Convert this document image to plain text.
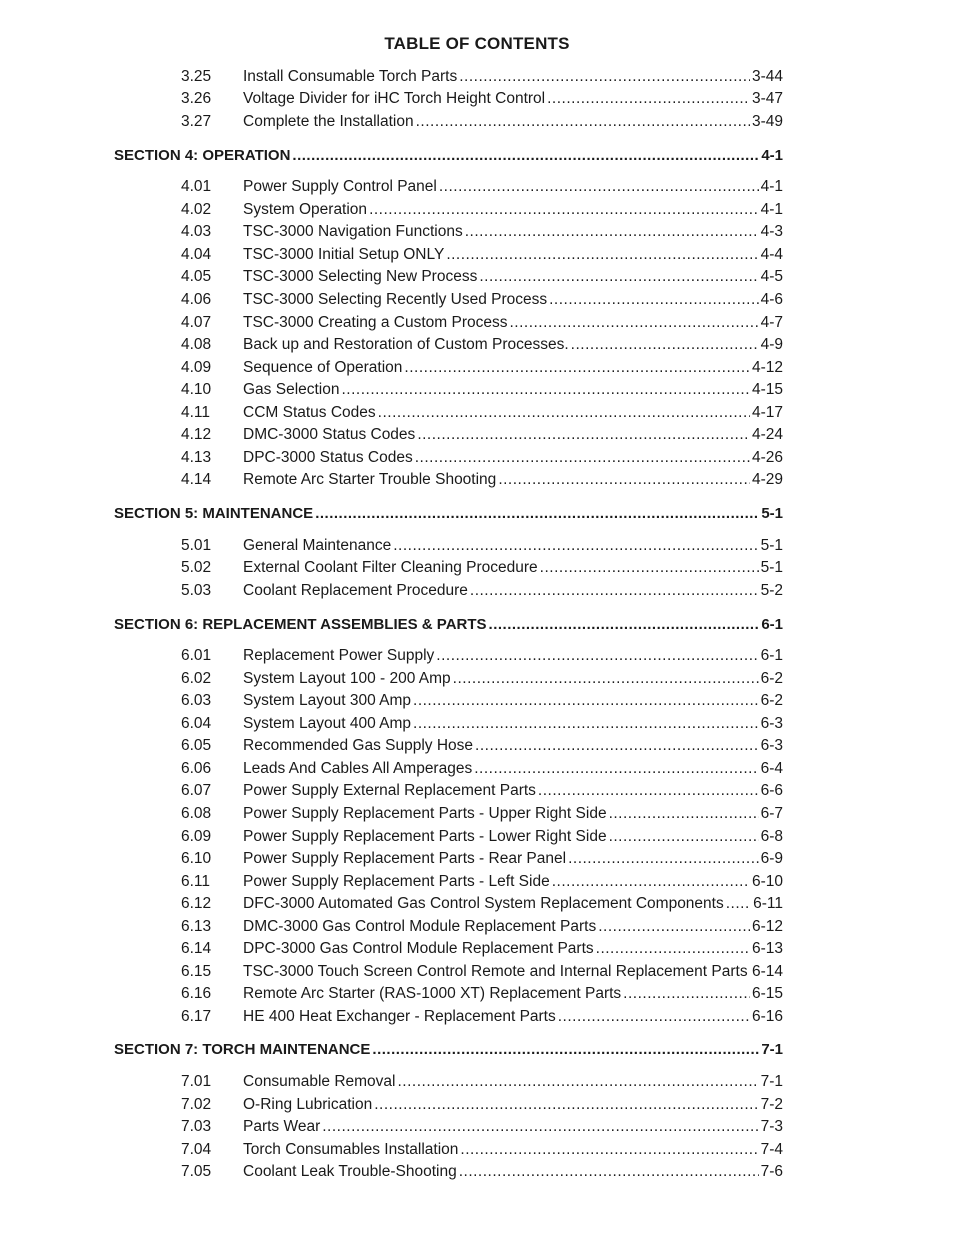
TABLE OF CONTENTS
3.25	Install Consumable Torch Parts .....	3-44
3.26	Voltage Divider for iHC Torch Height Control .....	3-47
3.27	Complete the Installation .....	3-49
SECTION 4: OPERATION .....	4-1
4.01	Power Supply Control Panel .....	4-1
4.02	System Operation .....	4-1
4.03	TSC-3000 Navigation Functions .....	4-3
4.04	TSC-3000 Initial Setup ONLY .....	4-4
4.05	TSC-3000 Selecting New Process .....	4-5
4.06	TSC-3000 Selecting Recently Used Process .....	4-6
4.07	TSC-3000 Creating a Custom Process .....	4-7
4.08	Back up and Restoration of Custom Processes. .....	4-9
4.09	Sequence of Operation .....	4-12
4.10	Gas Selection .....	4-15
4.11	CCM Status Codes .....	4-17
4.12	DMC-3000 Status Codes .....	4-24
4.13	DPC-3000 Status Codes .....	4-26
4.14	Remote Arc Starter Trouble Shooting .....	4-29
SECTION 5: MAINTENANCE .....	5-1
5.01	General Maintenance .....	5-1
5.02	External Coolant Filter Cleaning Procedure .....	5-1
5.03	Coolant Replacement Procedure .....	5-2
SECTION 6: REPLACEMENT ASSEMBLIES & PARTS .....	6-1
6.01	Replacement Power Supply .....	6-1
6.02	System Layout 100 - 200 Amp .....	6-2
6.03	System Layout 300 Amp .....	6-2
6.04	System Layout 400 Amp .....	6-3
6.05	Recommended Gas Supply Hose .....	6-3
6.06	Leads And Cables All Amperages .....	6-4
6.07	Power Supply External Replacement Parts .....	6-6
6.08	Power Supply Replacement Parts - Upper Right Side .....	6-7
6.09	Power Supply Replacement Parts - Lower Right Side .....	6-8
6.10	Power Supply Replacement Parts - Rear Panel .....	6-9
6.11	Power Supply Replacement Parts - Left Side .....	6-10
6.12	DFC-3000 Automated Gas Control System Replacement Components ..... 6-11
6.13	DMC-3000 Gas Control Module Replacement Parts .....	6-12
6.14	DPC-3000 Gas Control Module Replacement Parts .....	6-13
6.15	TSC-3000 Touch Screen Control Remote and Internal Replacement Parts ..... 6-14
6.16	Remote Arc Starter (RAS-1000 XT) Replacement Parts .....	6-15
6.17	HE 400 Heat Exchanger - Replacement Parts .....	6-16
SECTION 7: TORCH MAINTENANCE .....	7-1
7.01	Consumable Removal .....	7-1
7.02	O-Ring Lubrication .....	7-2
7.03	Parts Wear .....	7-3
7.04	Torch Consumables Installation .....	7-4
7.05	Coolant Leak Trouble-Shooting .....	7-6
